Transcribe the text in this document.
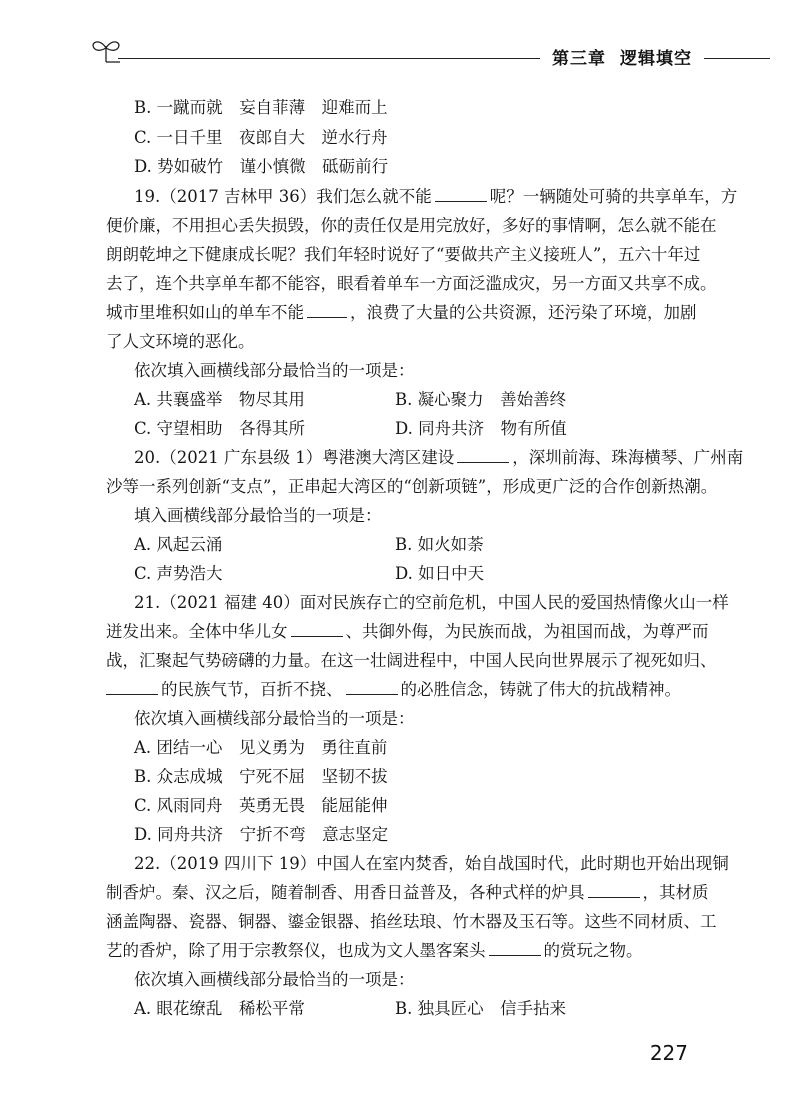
第三章 逻辑填空
B. 一蹴而就　妄自菲薄　迎难而上
C. 一日千里　夜郎自大　逆水行舟
D. 势如破竹　谨小慎微　砥砺前行
19.（2017 吉林甲 36）我们怎么就不能	呢？一辆随处可骑的共享单车，方
便价廉，不用担心丢失损毁，你的责任仅是用完放好，多好的事情啊，怎么就不能在
朗朗乾坤之下健康成长呢？我们年轻时说好了“要做共产主义接班人”，五六十年过
去了，连个共享单车都不能容，眼看着单车一方面泛滥成灾，另一方面又共享不成。
城市里堆积如山的单车不能	，浪费了大量的公共资源，还污染了环境，加剧
了人文环境的恶化。
依次填入画横线部分最恰当的一项是：
A. 共襄盛举　物尽其用	B. 凝心聚力　善始善终
C. 守望相助　各得其所	D. 同舟共济　物有所值
20.（2021 广东县级 1）粤港澳大湾区建设	，深圳前海、珠海横琴、广州南
沙等一系列创新“支点”，正串起大湾区的“创新项链”，形成更广泛的合作创新热潮。
填入画横线部分最恰当的一项是：
A. 风起云涌	B. 如火如荼
C. 声势浩大	D. 如日中天
21.（2021 福建 40）面对民族存亡的空前危机，中国人民的爱国热情像火山一样
迸发出来。全体中华儿女	、共御外侮，为民族而战，为祖国而战，为尊严而
战，汇聚起气势磅礴的力量。在这一壮阔进程中，中国人民向世界展示了视死如归、
的民族气节，百折不挠、	的必胜信念，铸就了伟大的抗战精神。
依次填入画横线部分最恰当的一项是：
A. 团结一心　见义勇为　勇往直前
B. 众志成城　宁死不屈　坚韧不拔
C. 风雨同舟　英勇无畏　能屈能伸
D. 同舟共济　宁折不弯　意志坚定
22.（2019 四川下 19）中国人在室内焚香，始自战国时代，此时期也开始出现铜
制香炉。秦、汉之后，随着制香、用香日益普及，各种式样的炉具	，其材质
涵盖陶器、瓷器、铜器、鎏金银器、掐丝珐琅、竹木器及玉石等。这些不同材质、工
艺的香炉，除了用于宗教祭仪，也成为文人墨客案头	的赏玩之物。
依次填入画横线部分最恰当的一项是：
A. 眼花缭乱　稀松平常	B. 独具匠心　信手拈来
227
